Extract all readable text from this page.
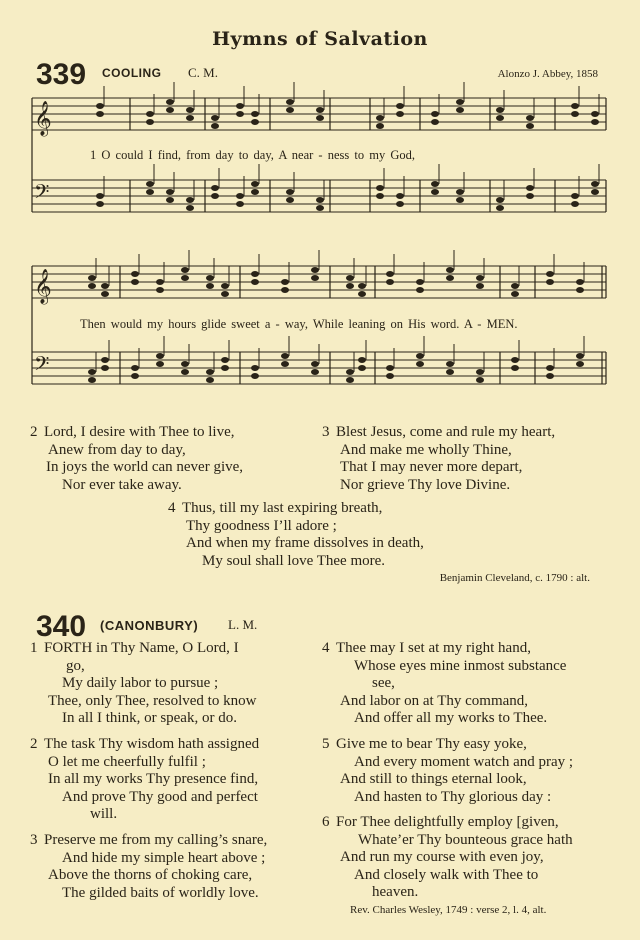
Hymns of Salvation
339 COOLING C. M.	Alonzo J. Abbey, 1858
𝄞
𝄞
𝄢
𝄢
1 O could I find, from day to day, A near - ness to my God,
Then would my hours glide sweet a - way, While leaning on His word. A - MEN.
2 Lord, I desire with Thee to live,
Anew from day to day,
In joys the world can never give,
Nor ever take away.
3 Blest Jesus, come and rule my heart,
And make me wholly Thine,
That I may never more depart,
Nor grieve Thy love Divine.
4 Thus, till my last expiring breath,
Thy goodness I’ll adore ;
And when my frame dissolves in death,
My soul shall love Thee more.
Benjamin Cleveland, c. 1790 : alt.
340 (CANONBURY) L. M.
1 FORTH in Thy Name, O Lord, I
go,
My daily labor to pursue ;
Thee, only Thee, resolved to know
In all I think, or speak, or do.
2 The task Thy wisdom hath assigned
O let me cheerfully fulfil ;
In all my works Thy presence find,
And prove Thy good and perfect
will.
3 Preserve me from my calling’s snare,
And hide my simple heart above ;
Above the thorns of choking care,
The gilded baits of worldly love.
4 Thee may I set at my right hand,
Whose eyes mine inmost substance
see,
And labor on at Thy command,
And offer all my works to Thee.
5 Give me to bear Thy easy yoke,
And every moment watch and pray ;
And still to things eternal look,
And hasten to Thy glorious day :
6 For Thee delightfully employ [given,
Whate’er Thy bounteous grace hath
And run my course with even joy,
And closely walk with Thee to
heaven.
Rev. Charles Wesley, 1749 : verse 2, l. 4, alt.
